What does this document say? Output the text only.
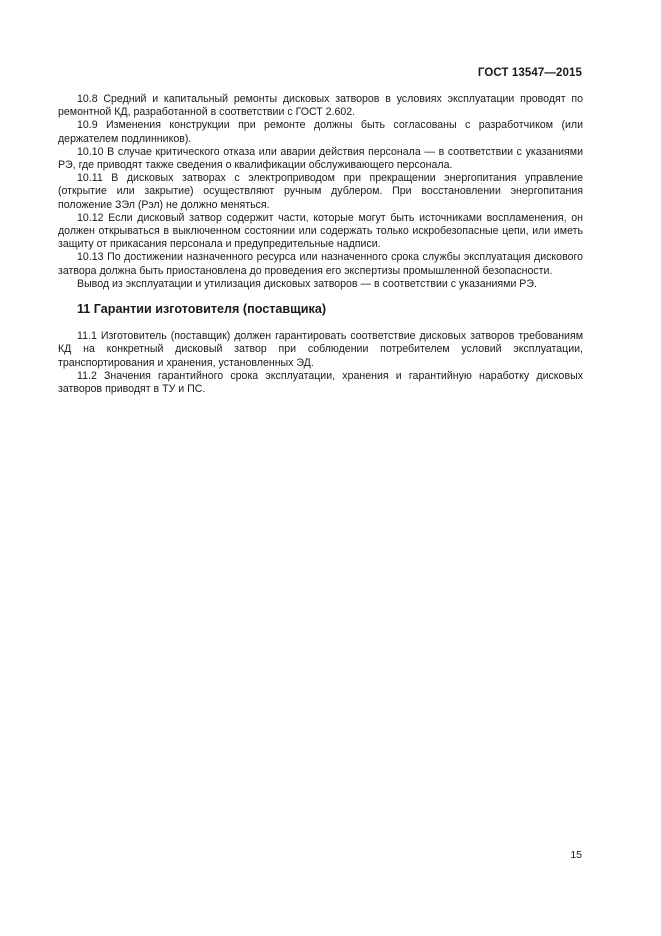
ГОСТ 13547—2015

10.8 Средний и капитальный ремонты дисковых затворов в условиях эксплуатации проводят по ремонтной КД, разработанной в соответствии с ГОСТ 2.602.

10.9 Изменения конструкции при ремонте должны быть согласованы с разработчиком (или держателем подлинников).

10.10 В случае критического отказа или аварии действия персонала — в соответствии с указаниями РЭ, где приводят также сведения о квалификации обслуживающего персонала.

10.11 В дисковых затворах с электроприводом при прекращении энергопитания управление (открытие или закрытие) осуществляют ручным дублером. При восстановлении энергопитания положение ЗЭл (Рэл) не должно меняться.

10.12 Если дисковый затвор содержит части, которые могут быть источниками воспламенения, он должен открываться в выключенном состоянии или содержать только искробезопасные цепи, или иметь защиту от прикасания персонала и предупредительные надписи.

10.13 По достижении назначенного ресурса или назначенного срока службы эксплуатация дискового затвора должна быть приостановлена до проведения его экспертизы промышленной безопасности.

Вывод из эксплуатации и утилизация дисковых затворов — в соответствии с указаниями РЭ.

11 Гарантии изготовителя (поставщика)

11.1 Изготовитель (поставщик) должен гарантировать соответствие дисковых затворов требованиям КД на конкретный дисковый затвор при соблюдении потребителем условий эксплуатации, транспортирования и хранения, установленных ЭД.

11.2 Значения гарантийного срока эксплуатации, хранения и гарантийную наработку дисковых затворов приводят в ТУ и ПС.

15
